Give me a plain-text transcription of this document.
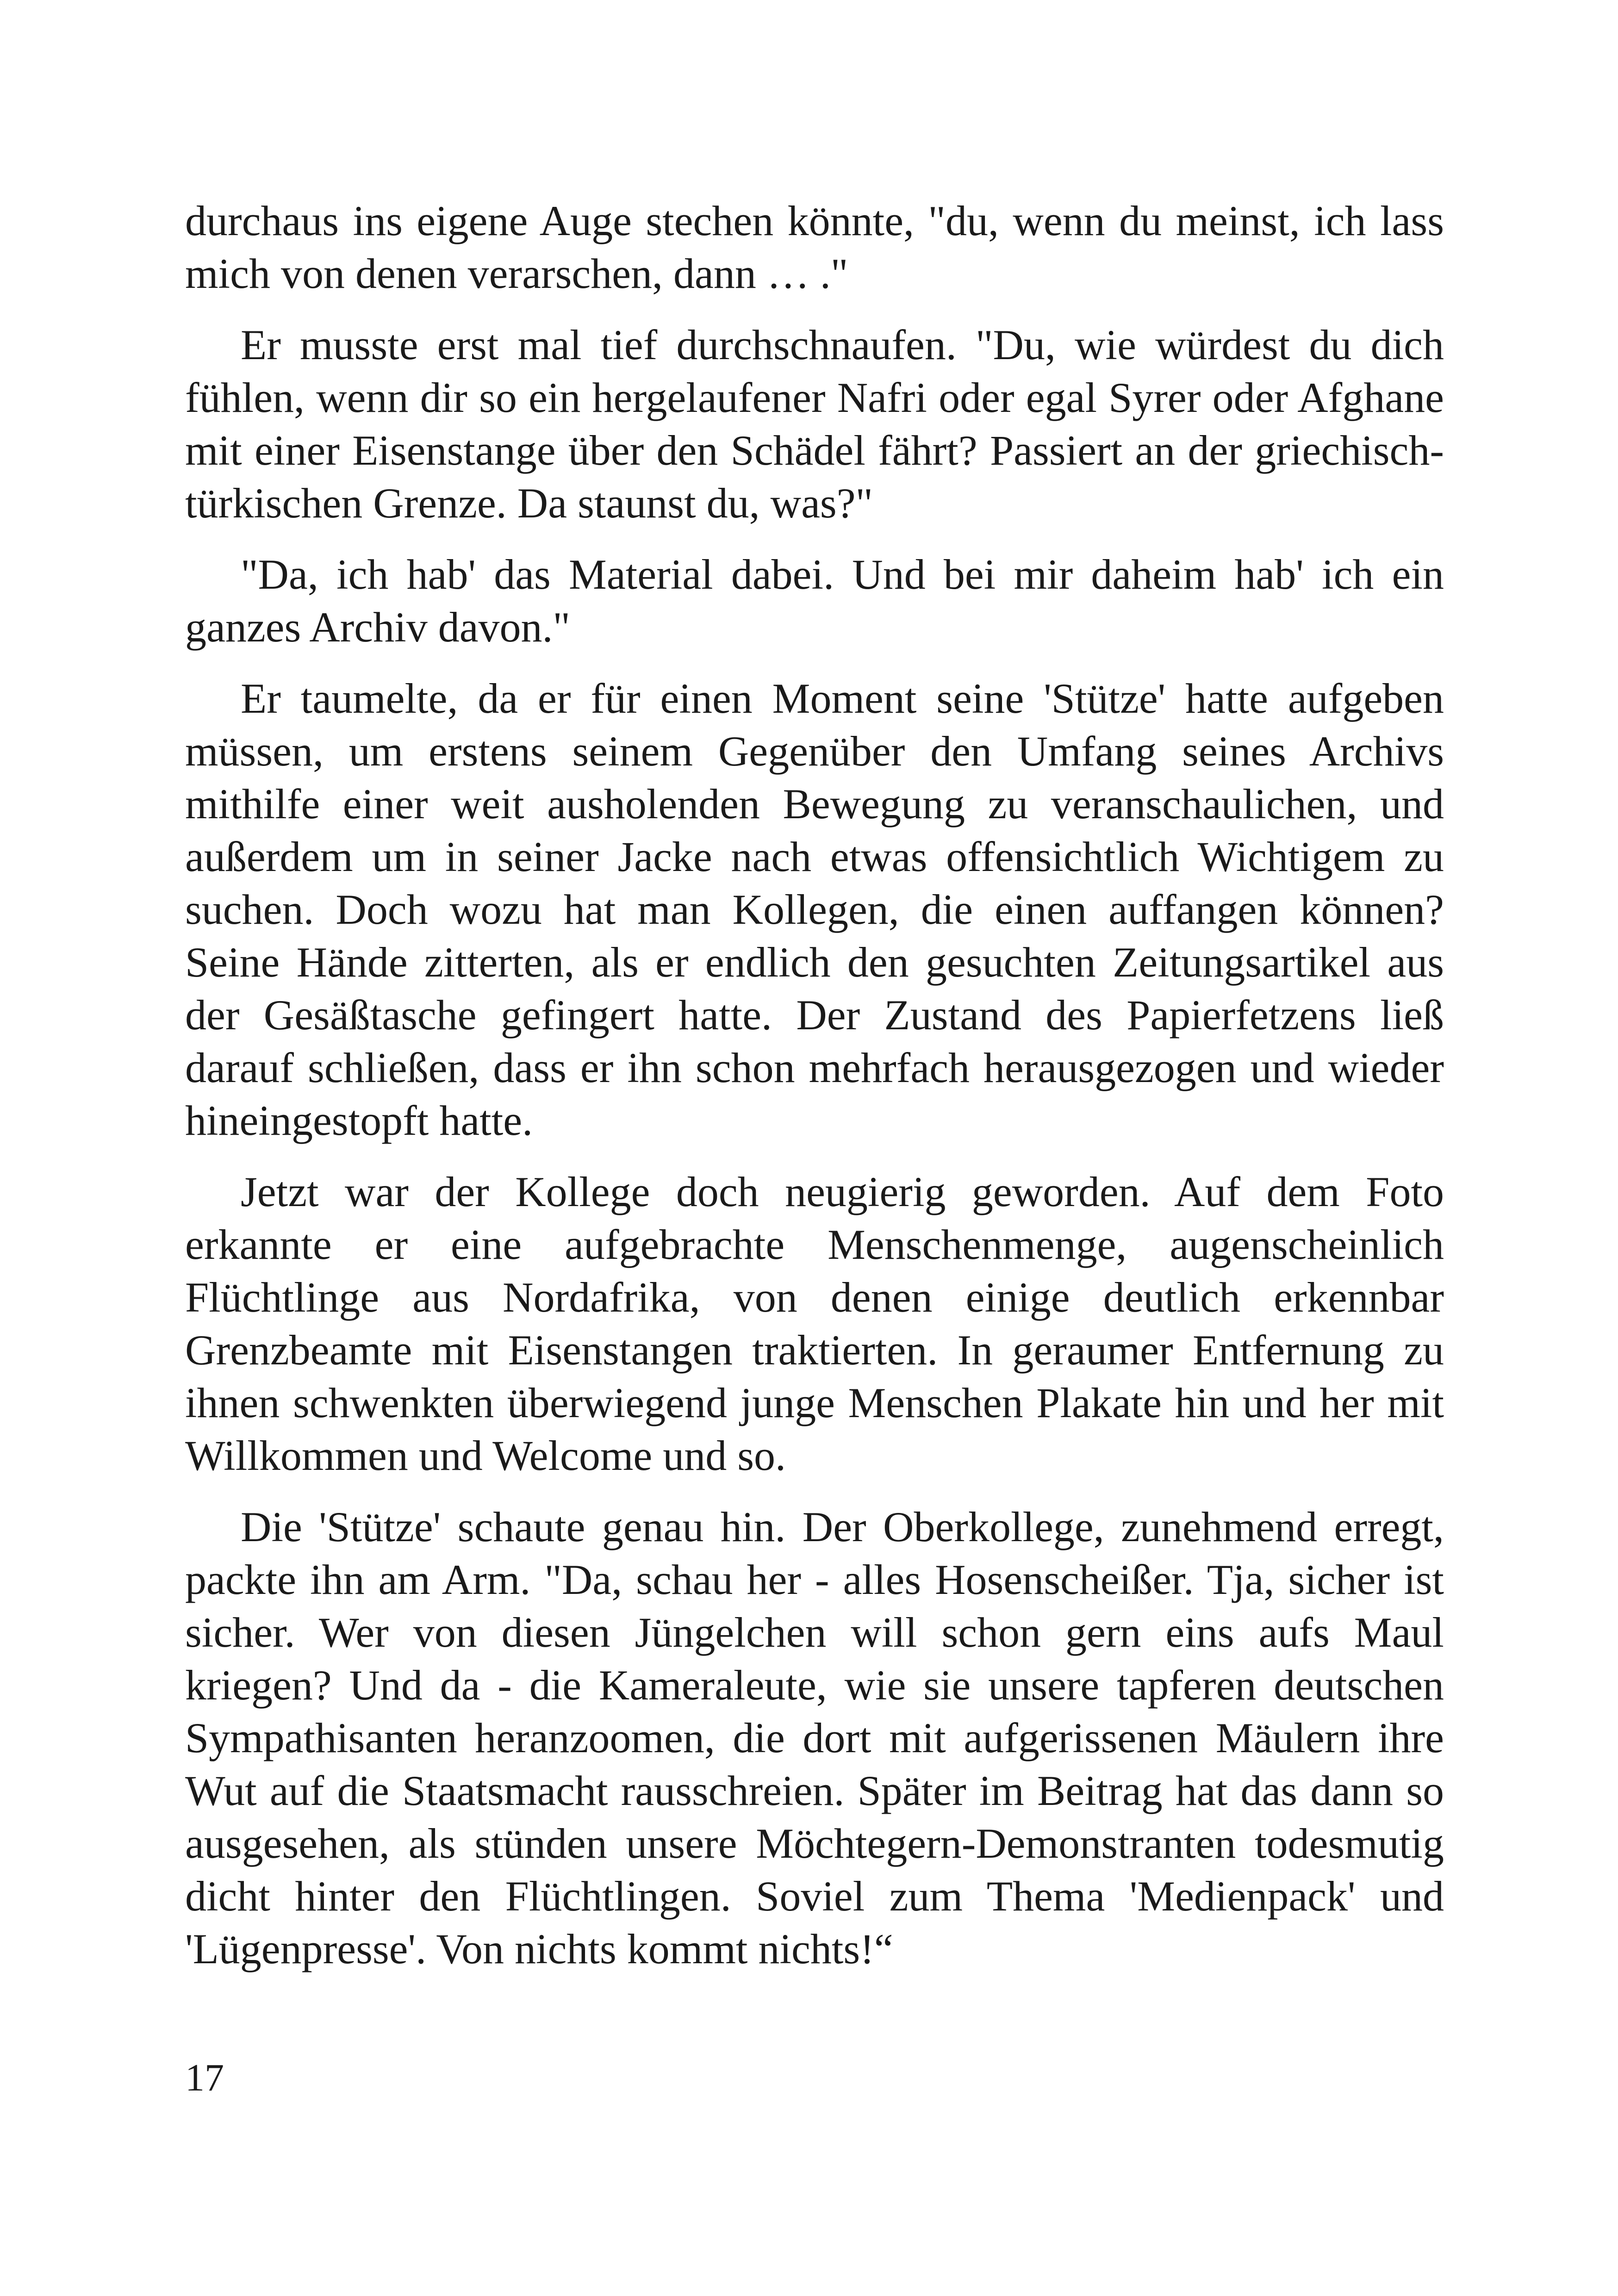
durchaus ins eigene Auge stechen könnte, "du, wenn du meinst, ich lass mich von denen verarschen, dann … ."

Er musste erst mal tief durchschnaufen. "Du, wie würdest du dich fühlen, wenn dir so ein hergelaufener Nafri oder egal Syrer oder Afghane mit einer Eisenstange über den Schädel fährt? Passiert an der griechisch-türkischen Grenze. Da staunst du, was?"

"Da, ich hab' das Material dabei. Und bei mir daheim hab' ich ein ganzes Archiv davon."

Er taumelte, da er für einen Moment seine 'Stütze' hatte aufgeben müssen, um erstens seinem Gegenüber den Umfang seines Archivs mithilfe einer weit ausholenden Bewegung zu veranschaulichen, und außerdem um in seiner Jacke nach etwas offensichtlich Wichtigem zu suchen. Doch wozu hat man Kollegen, die einen auffangen können? Seine Hände zitterten, als er endlich den gesuchten Zeitungsartikel aus der Gesäßtasche gefingert hatte. Der Zustand des Papierfetzens ließ darauf schließen, dass er ihn schon mehrfach herausgezogen und wieder hineingestopft hatte.

Jetzt war der Kollege doch neugierig geworden. Auf dem Foto erkannte er eine aufgebrachte Menschenmenge, augenscheinlich Flüchtlinge aus Nordafrika, von denen einige deutlich erkennbar Grenzbeamte mit Eisenstangen traktierten. In geraumer Entfernung zu ihnen schwenkten überwiegend junge Menschen Plakate hin und her mit Willkommen und Welcome und so.

Die 'Stütze' schaute genau hin. Der Oberkollege, zunehmend erregt, packte ihn am Arm. "Da, schau her - alles Hosenscheißer. Tja, sicher ist sicher. Wer von diesen Jüngelchen will schon gern eins aufs Maul kriegen? Und da - die Kameraleute, wie sie unsere tapferen deutschen Sympathisanten heranzoomen, die dort mit aufgerissenen Mäulern ihre Wut auf die Staatsmacht rausschreien. Später im Beitrag hat das dann so ausgesehen, als stünden unsere Möchtegern-Demonstranten todesmutig dicht hinter den Flüchtlingen. Soviel zum Thema 'Medienpack' und 'Lügenpresse'. Von nichts kommt nichts!“

17
